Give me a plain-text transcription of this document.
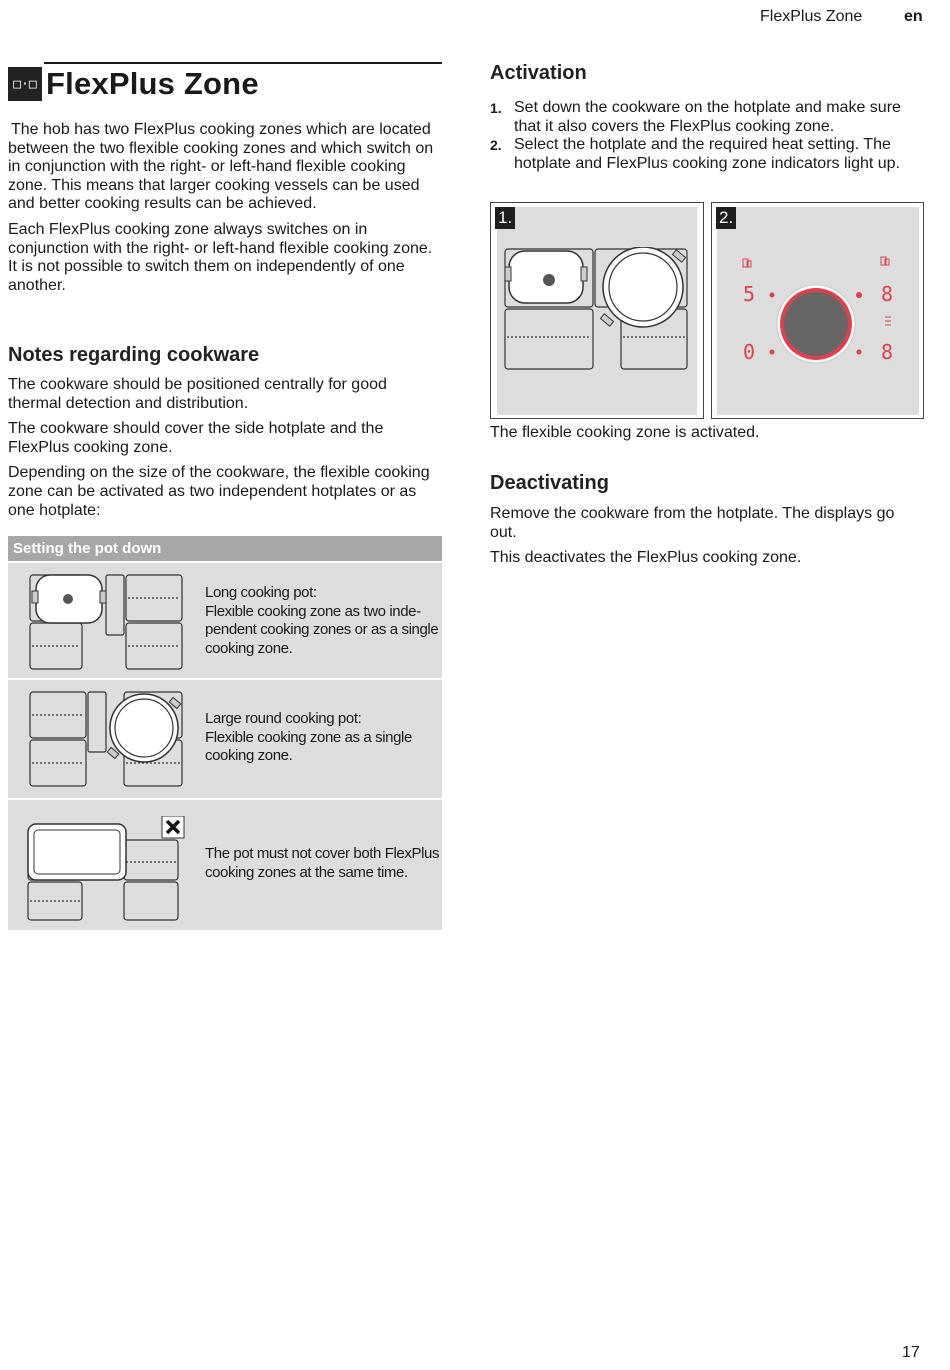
FlexPlus Zone	en
□·□ FlexPlus Zone

The hob has two FlexPlus cooking zones which are located between the two flexible cooking zones and which switch on in conjunction with the right- or left-hand flexible cooking zone. This means that larger cooking vessels can be used and better cooking results can be achieved.

Each FlexPlus cooking zone always switches on in conjunction with the right- or left-hand flexible cooking zone. It is not possible to switch them on independently of one another.

Notes regarding cookware

The cookware should be positioned centrally for good thermal detection and distribution.

The cookware should cover the side hotplate and the FlexPlus cooking zone.

Depending on the size of the cookware, the flexible cooking zone can be activated as two independent hotplates or as one hotplate:

Setting the pot down
Long cooking pot:
Flexible cooking zone as two inde-
pendent cooking zones or as a single
cooking zone.
Large round cooking pot:
Flexible cooking zone as a single
cooking zone.
The pot must not cover both FlexPlus
cooking zones at the same time.
Activation
1. Set down the cookware on the hotplate and make sure that it also covers the FlexPlus cooking zone.
2. Select the hotplate and the required heat setting. The hotplate and FlexPlus cooking zone indicators light up.
1.	2.
5
0
8
8

The flexible cooking zone is activated.

Deactivating

Remove the cookware from the hotplate. The displays go out.

This deactivates the FlexPlus cooking zone.

17
